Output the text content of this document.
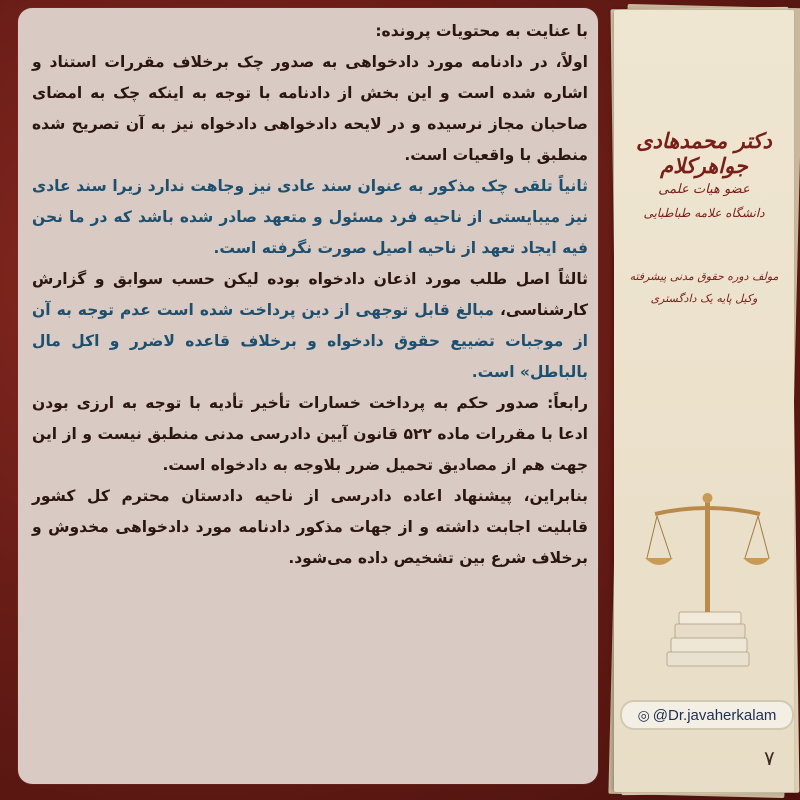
با عنایت به محتویات پرونده:

اولاً، در دادنامه مورد دادخواهی به صدور چک برخلاف مقررات استناد و اشاره شده است و این بخش از دادنامه با توجه به اینکه چک به امضای صاحبان مجاز نرسیده و در لایحه دادخواهی دادخواه نیز به آن تصریح شده منطبق با واقعیات است.

ثانیاً تلقی چک مذکور به عنوان سند عادی نیز وجاهت ندارد زیرا سند عادی نیز میبایستی از ناحیه فرد مسئول و متعهد صادر شده باشد که در ما نحن فیه ایجاد تعهد از ناحیه اصیل صورت نگرفته است.

ثالثاً اصل طلب مورد اذعان دادخواه بوده لیکن حسب سوابق و گزارش کارشناسی، مبالغ قابل توجهی از دین پرداخت شده است عدم توجه به آن از موجبات تضییع حقوق دادخواه و برخلاف قاعده لاضرر و اکل مال بالباطل» است.

رابعاً: صدور حکم به پرداخت خسارات تأخیر تأدیه با توجه به ارزی بودن ادعا با مقررات ماده ۵۲۲ قانون آیین دادرسی مدنی منطبق نیست و از این جهت هم از مصادیق تحمیل ضرر بلاوجه به دادخواه است.

بنابراین، پیشنهاد اعاده دادرسی از ناحیه دادستان محترم کل کشور قابلیت اجابت داشته و از جهات مذکور دادنامه مورد دادخواهی مخدوش و برخلاف شرع بین تشخیص داده می‌شود.

دکتر محمدهادی جواهرکلام
عضو هیات علمی
دانشگاه علامه طباطبایی
مولف دوره حقوق مدنی پیشرفته
وکیل پایه یک دادگستری
◎ @Dr.javaherkalam
۷
